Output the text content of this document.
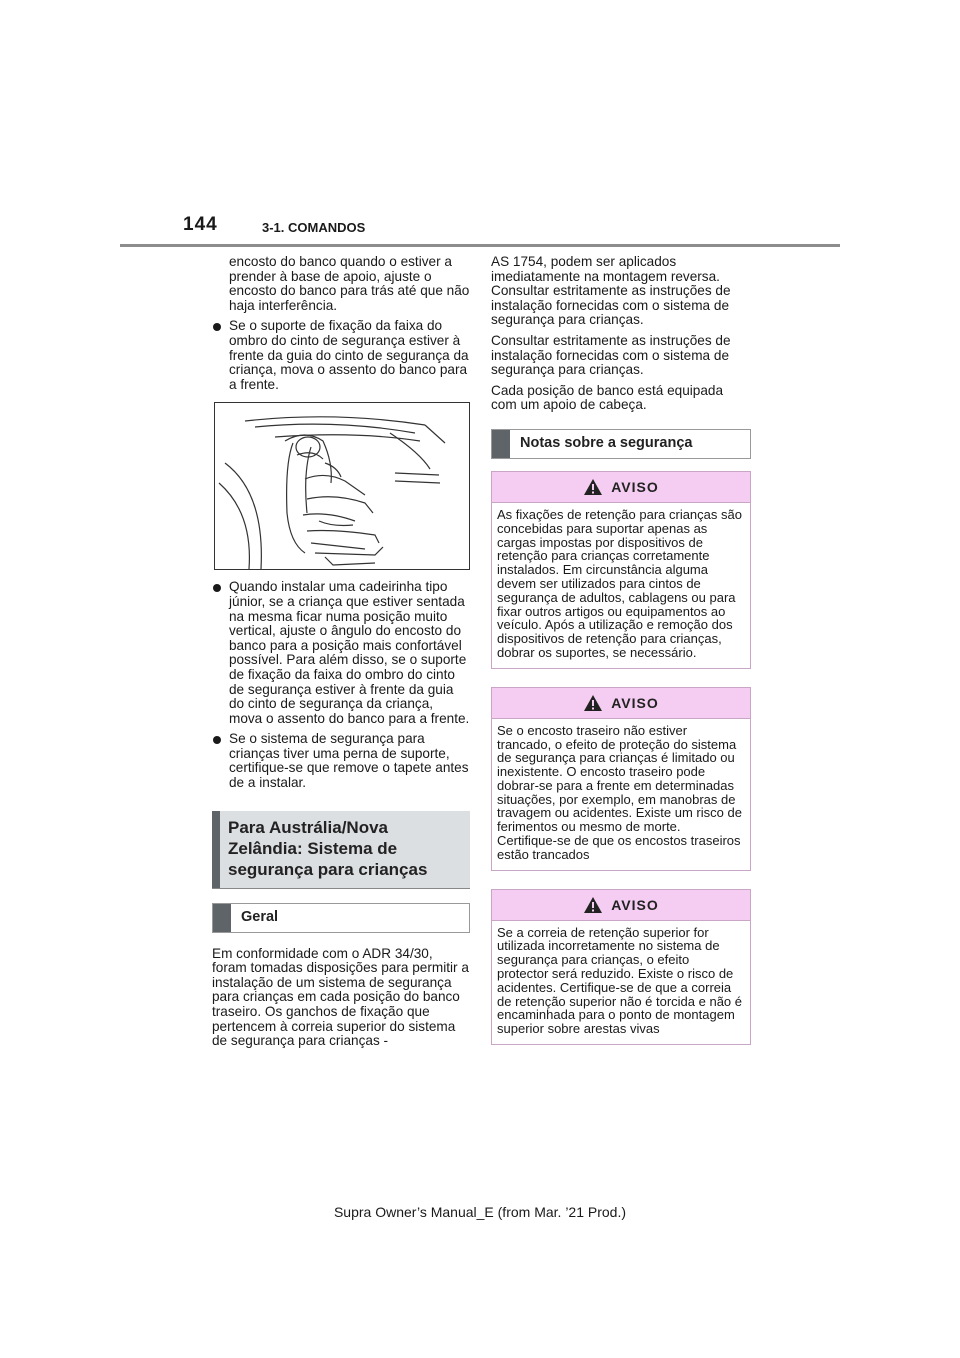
144	3-1. COMANDOS

encosto do banco quando o estiver a prender à base de apoio, ajuste o encosto do banco para trás até que não haja interferência.

Se o suporte de fixação da faixa do ombro do cinto de segurança estiver à frente da guia do cinto de segurança da criança, mova o assento do banco para a frente.
Quando instalar uma cadeirinha tipo júnior, se a criança que estiver sentada na mesma ficar numa posição muito vertical, ajuste o ângulo do encosto do banco para a posição mais confortável possível. Para além disso, se o suporte de fixação da faixa do ombro do cinto de segurança estiver à frente da guia do cinto de segurança da criança, mova o assento do banco para a frente.
Se o sistema de segurança para crianças tiver uma perna de suporte, certifique-se que remove o tapete antes de a instalar.
Para Austrália/Nova Zelândia: Sistema de segurança para crianças
Geral

Em conformidade com o ADR 34/30, foram tomadas disposições para permitir a instalação de um sistema de segurança para crianças em cada posição do banco traseiro. Os ganchos de fixação que pertencem à correia superior do sistema de segurança para crianças -

AS 1754, podem ser aplicados imediatamente na montagem reversa. Consultar estritamente as instruções de instalação fornecidas com o sistema de segurança para crianças.

Consultar estritamente as instruções de instalação fornecidas com o sistema de segurança para crianças.

Cada posição de banco está equipada com um apoio de cabeça.

Notas sobre a segurança
AVISO
As fixações de retenção para crianças são concebidas para suportar apenas as cargas impostas por dispositivos de retenção para crianças corretamente instalados. Em circunstância alguma devem ser utilizados para cintos de segurança de adultos, cablagens ou para fixar outros artigos ou equipamentos ao veículo. Após a utilização e remoção dos dispositivos de retenção para crianças, dobrar os suportes, se necessário.
AVISO
Se o encosto traseiro não estiver trancado, o efeito de proteção do sistema de segurança para crianças é limitado ou inexistente. O encosto traseiro pode dobrar-se para a frente em determinadas situações, por exemplo, em manobras de travagem ou acidentes. Existe um risco de ferimentos ou mesmo de morte. Certifique-se de que os encostos traseiros estão trancados
AVISO
Se a correia de retenção superior for utilizada incorretamente no sistema de segurança para crianças, o efeito protector será reduzido. Existe o risco de acidentes. Certifique-se de que a correia de retenção superior não é torcida e não é encaminhada para o ponto de montagem superior sobre arestas vivas
Supra Owner’s Manual_E (from Mar. ’21 Prod.)
